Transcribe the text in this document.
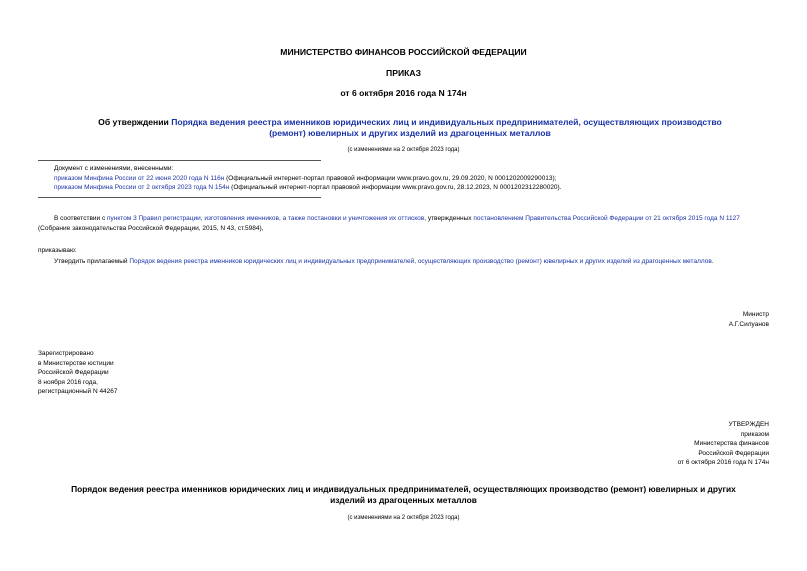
МИНИСТЕРСТВО ФИНАНСОВ РОССИЙСКОЙ ФЕДЕРАЦИИ
ПРИКАЗ
от 6 октября 2016 года N 174н
Об утверждении Порядка ведения реестра именников юридических лиц и индивидуальных предпринимателей, осуществляющих производство (ремонт) ювелирных и других изделий из драгоценных металлов
(с изменениями на 2 октября 2023 года)
Документ с изменениями, внесенными:
приказом Минфина России от 22 июня 2020 года N 116н (Официальный интернет-портал правовой информации www.pravo.gov.ru, 29.09.2020, N 0001202009290013);
приказом Минфина России от 2 октября 2023 года N 154н (Официальный интернет-портал правовой информации www.pravo.gov.ru, 28.12.2023, N 0001202312280020).
В соответствии с пунктом 3 Правил регистрации, изготовления именников, а также постановки и уничтожения их оттисков, утвержденных постановлением Правительства Российской Федерации от 21 октября 2015 года N 1127 (Собрание законодательства Российской Федерации, 2015, N 43, ст.5984),
приказываю:
Утвердить прилагаемый Порядок ведения реестра именников юридических лиц и индивидуальных предпринимателей, осуществляющих производство (ремонт) ювелирных и других изделий из драгоценных металлов.
Министр
А.Г.Силуанов
Зарегистрировано
в Министерстве юстиции
Российской Федерации
8 ноября 2016 года,
регистрационный N 44267
УТВЕРЖДЕН
приказом
Министерства финансов
Российской Федерации
от 6 октября 2016 года N 174н
Порядок ведения реестра именников юридических лиц и индивидуальных предпринимателей, осуществляющих производство (ремонт) ювелирных и других
изделий из драгоценных металлов
(с изменениями на 2 октября 2023 года)
